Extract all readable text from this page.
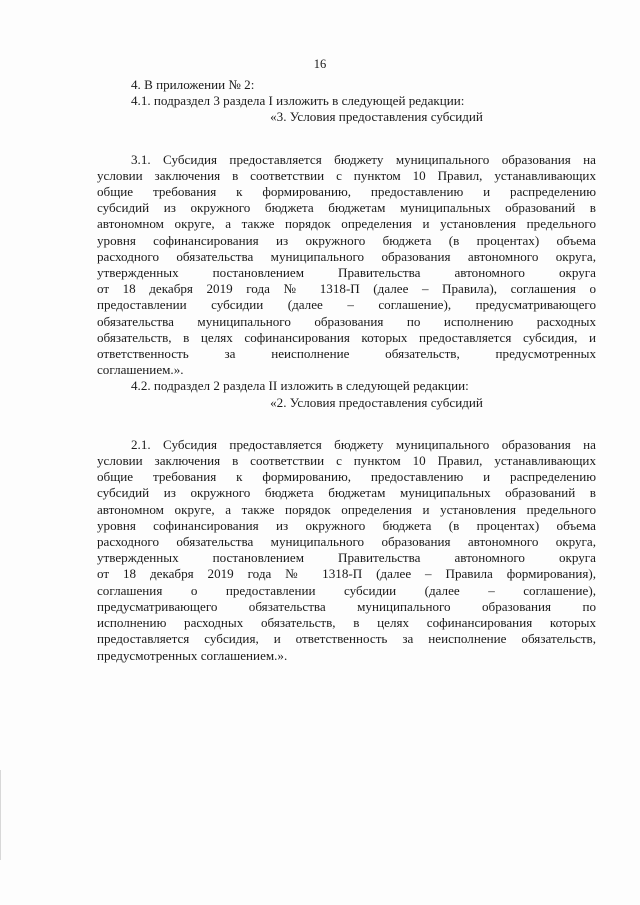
16
4. В приложении № 2:
4.1. подраздел 3 раздела I изложить в следующей редакции:
«3. Условия предоставления субсидий
3.1. Субсидия предоставляется бюджету муниципального образования на
условии заключения в соответствии с пунктом 10 Правил, устанавливающих
общие требования к формированию, предоставлению и распределению
субсидий из окружного бюджета бюджетам муниципальных образований в
автономном округе, а также порядок определения и установления предельного
уровня софинансирования из окружного бюджета (в процентах) объема
расходного обязательства муниципального образования автономного округа,
утвержденных постановлением Правительства автономного округа
от 18 декабря 2019 года № 1318-П (далее – Правила), соглашения о
предоставлении субсидии (далее – соглашение), предусматривающего
обязательства муниципального образования по исполнению расходных
обязательств, в целях софинансирования которых предоставляется субсидия, и
ответственность за неисполнение обязательств, предусмотренных
соглашением.».
4.2. подраздел 2 раздела II изложить в следующей редакции:
«2. Условия предоставления субсидий
2.1. Субсидия предоставляется бюджету муниципального образования на
условии заключения в соответствии с пунктом 10 Правил, устанавливающих
общие требования к формированию, предоставлению и распределению
субсидий из окружного бюджета бюджетам муниципальных образований в
автономном округе, а также порядок определения и установления предельного
уровня софинансирования из окружного бюджета (в процентах) объема
расходного обязательства муниципального образования автономного округа,
утвержденных постановлением Правительства автономного округа
от 18 декабря 2019 года № 1318-П (далее – Правила формирования),
соглашения о предоставлении субсидии (далее – соглашение),
предусматривающего обязательства муниципального образования по
исполнению расходных обязательств, в целях софинансирования которых
предоставляется субсидия, и ответственность за неисполнение обязательств,
предусмотренных соглашением.».
